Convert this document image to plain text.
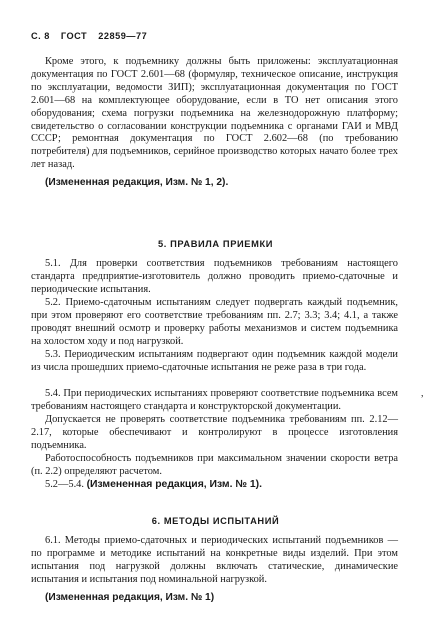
С. 8 ГОСТ 22859—77

Кроме этого, к подъемнику должны быть приложены: эксплуатационная документация по ГОСТ 2.601—68 (формуляр, техническое описание, инструкция по эксплуатации, ведомости ЗИП); эксплуатационная документация по ГОСТ 2.601—68 на комплектующее оборудование, если в ТО нет описания этого оборудования; схема погрузки подъемника на железнодорожную платформу; свидетельство о согласовании конструкции подъемника с органами ГАИ и МВД СССР; ремонтная документация по ГОСТ 2.602—68 (по требованию потребителя) для подъемников, серийное производство которых начато более трех лет назад.

(Измененная редакция, Изм. № 1, 2).
5. ПРАВИЛА ПРИЕМКИ

5.1. Для проверки соответствия подъемников требованиям настоящего стандарта предприятие-изготовитель должно проводить приемо-сдаточные и периодические испытания.

5.2. Приемо-сдаточным испытаниям следует подвергать каждый подъемник, при этом проверяют его соответствие требованиям пп. 2.7; 3.3; 3.4; 4.1, а также проводят внешний осмотр и проверку работы механизмов и систем подъемника на холостом ходу и под нагрузкой.

5.3. Периодическим испытаниям подвергают один подъемник каждой модели из числа прошедших приемо-сдаточные испытания не реже раза в три года.

5.4. При периодических испытаниях проверяют соответствие подъемника всем требованиям настоящего стандарта и конструкторской документации.

Допускается не проверять соответствие подъемника требованиям пп. 2.12—2.17, которые обеспечивают и контролируют в процессе изготовления подъемника.

Работоспособность подъемников при максимальном значении скорости ветра (п. 2.2) определяют расчетом.

5.2—5.4. (Измененная редакция, Изм. № 1).
6. МЕТОДЫ ИСПЫТАНИЙ

6.1. Методы приемо-сдаточных и периодических испытаний подъемников — по программе и методике испытаний на конкретные виды изделий. При этом испытания под нагрузкой должны включать статические, динамические испытания и испытания под номинальной нагрузкой.

(Измененная редакция, Изм. № 1)
,
